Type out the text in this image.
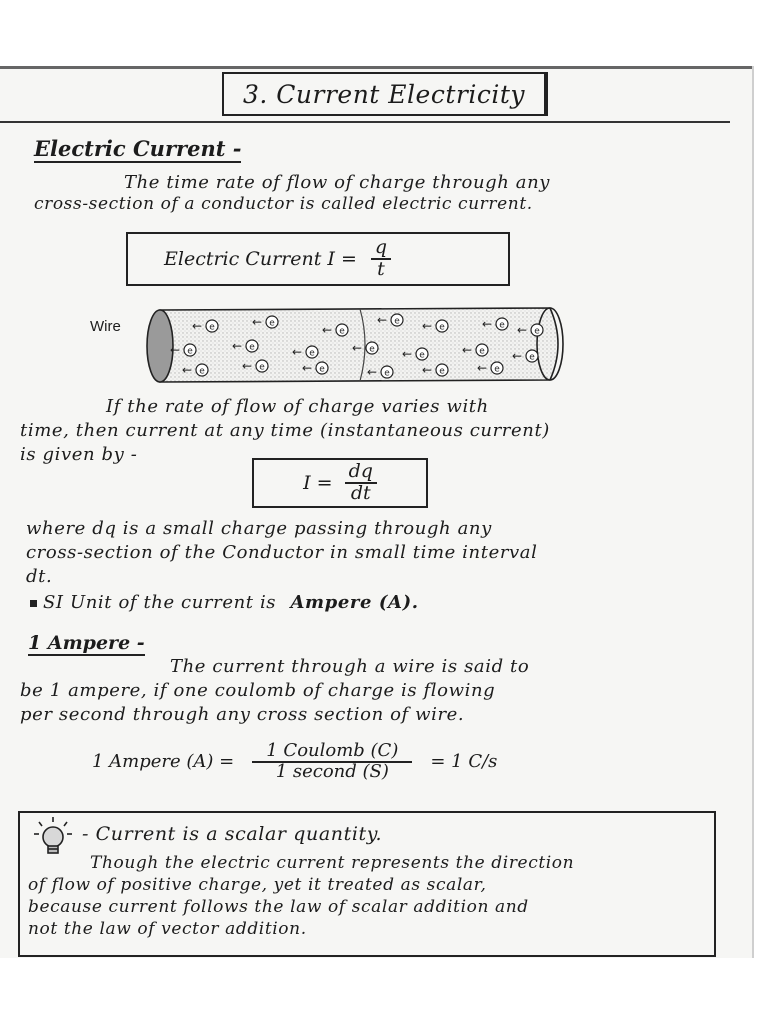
3. Current Electricity
Electric Current -
The time rate of flow of charge through any
cross-section of a conductor is called electric current.
Electric Current $I = \frac{q}{t}$
Wire	← e	← e	← e
← e ← e	← e ← e
← e	← e	← e	← e ← e	← e ← e
← e	← e	← e	← e	← e	← e
If the rate of flow of charge varies with
time, then current at any time (instantaneous current)
is given by -
$I = \frac{dq}{dt}$
where dq is a small charge passing through any
cross-section of the Conductor in small time interval
dt.
SI Unit of the current is Ampere (A).
1 Ampere -
The current through a wire is said to
be 1 ampere, if one coulomb of charge is flowing
per second through any cross section of wire.
1 Ampere $(A) = \frac{\text{1 Coulomb (C)}}{\text{1 second (S)}} = 1$ C/s
- Current is a scalar quantity.
Though the electric current represents the direction
of flow of positive charge, yet it treated as scalar,
because current follows the law of scalar addition and
not the law of vector addition.
